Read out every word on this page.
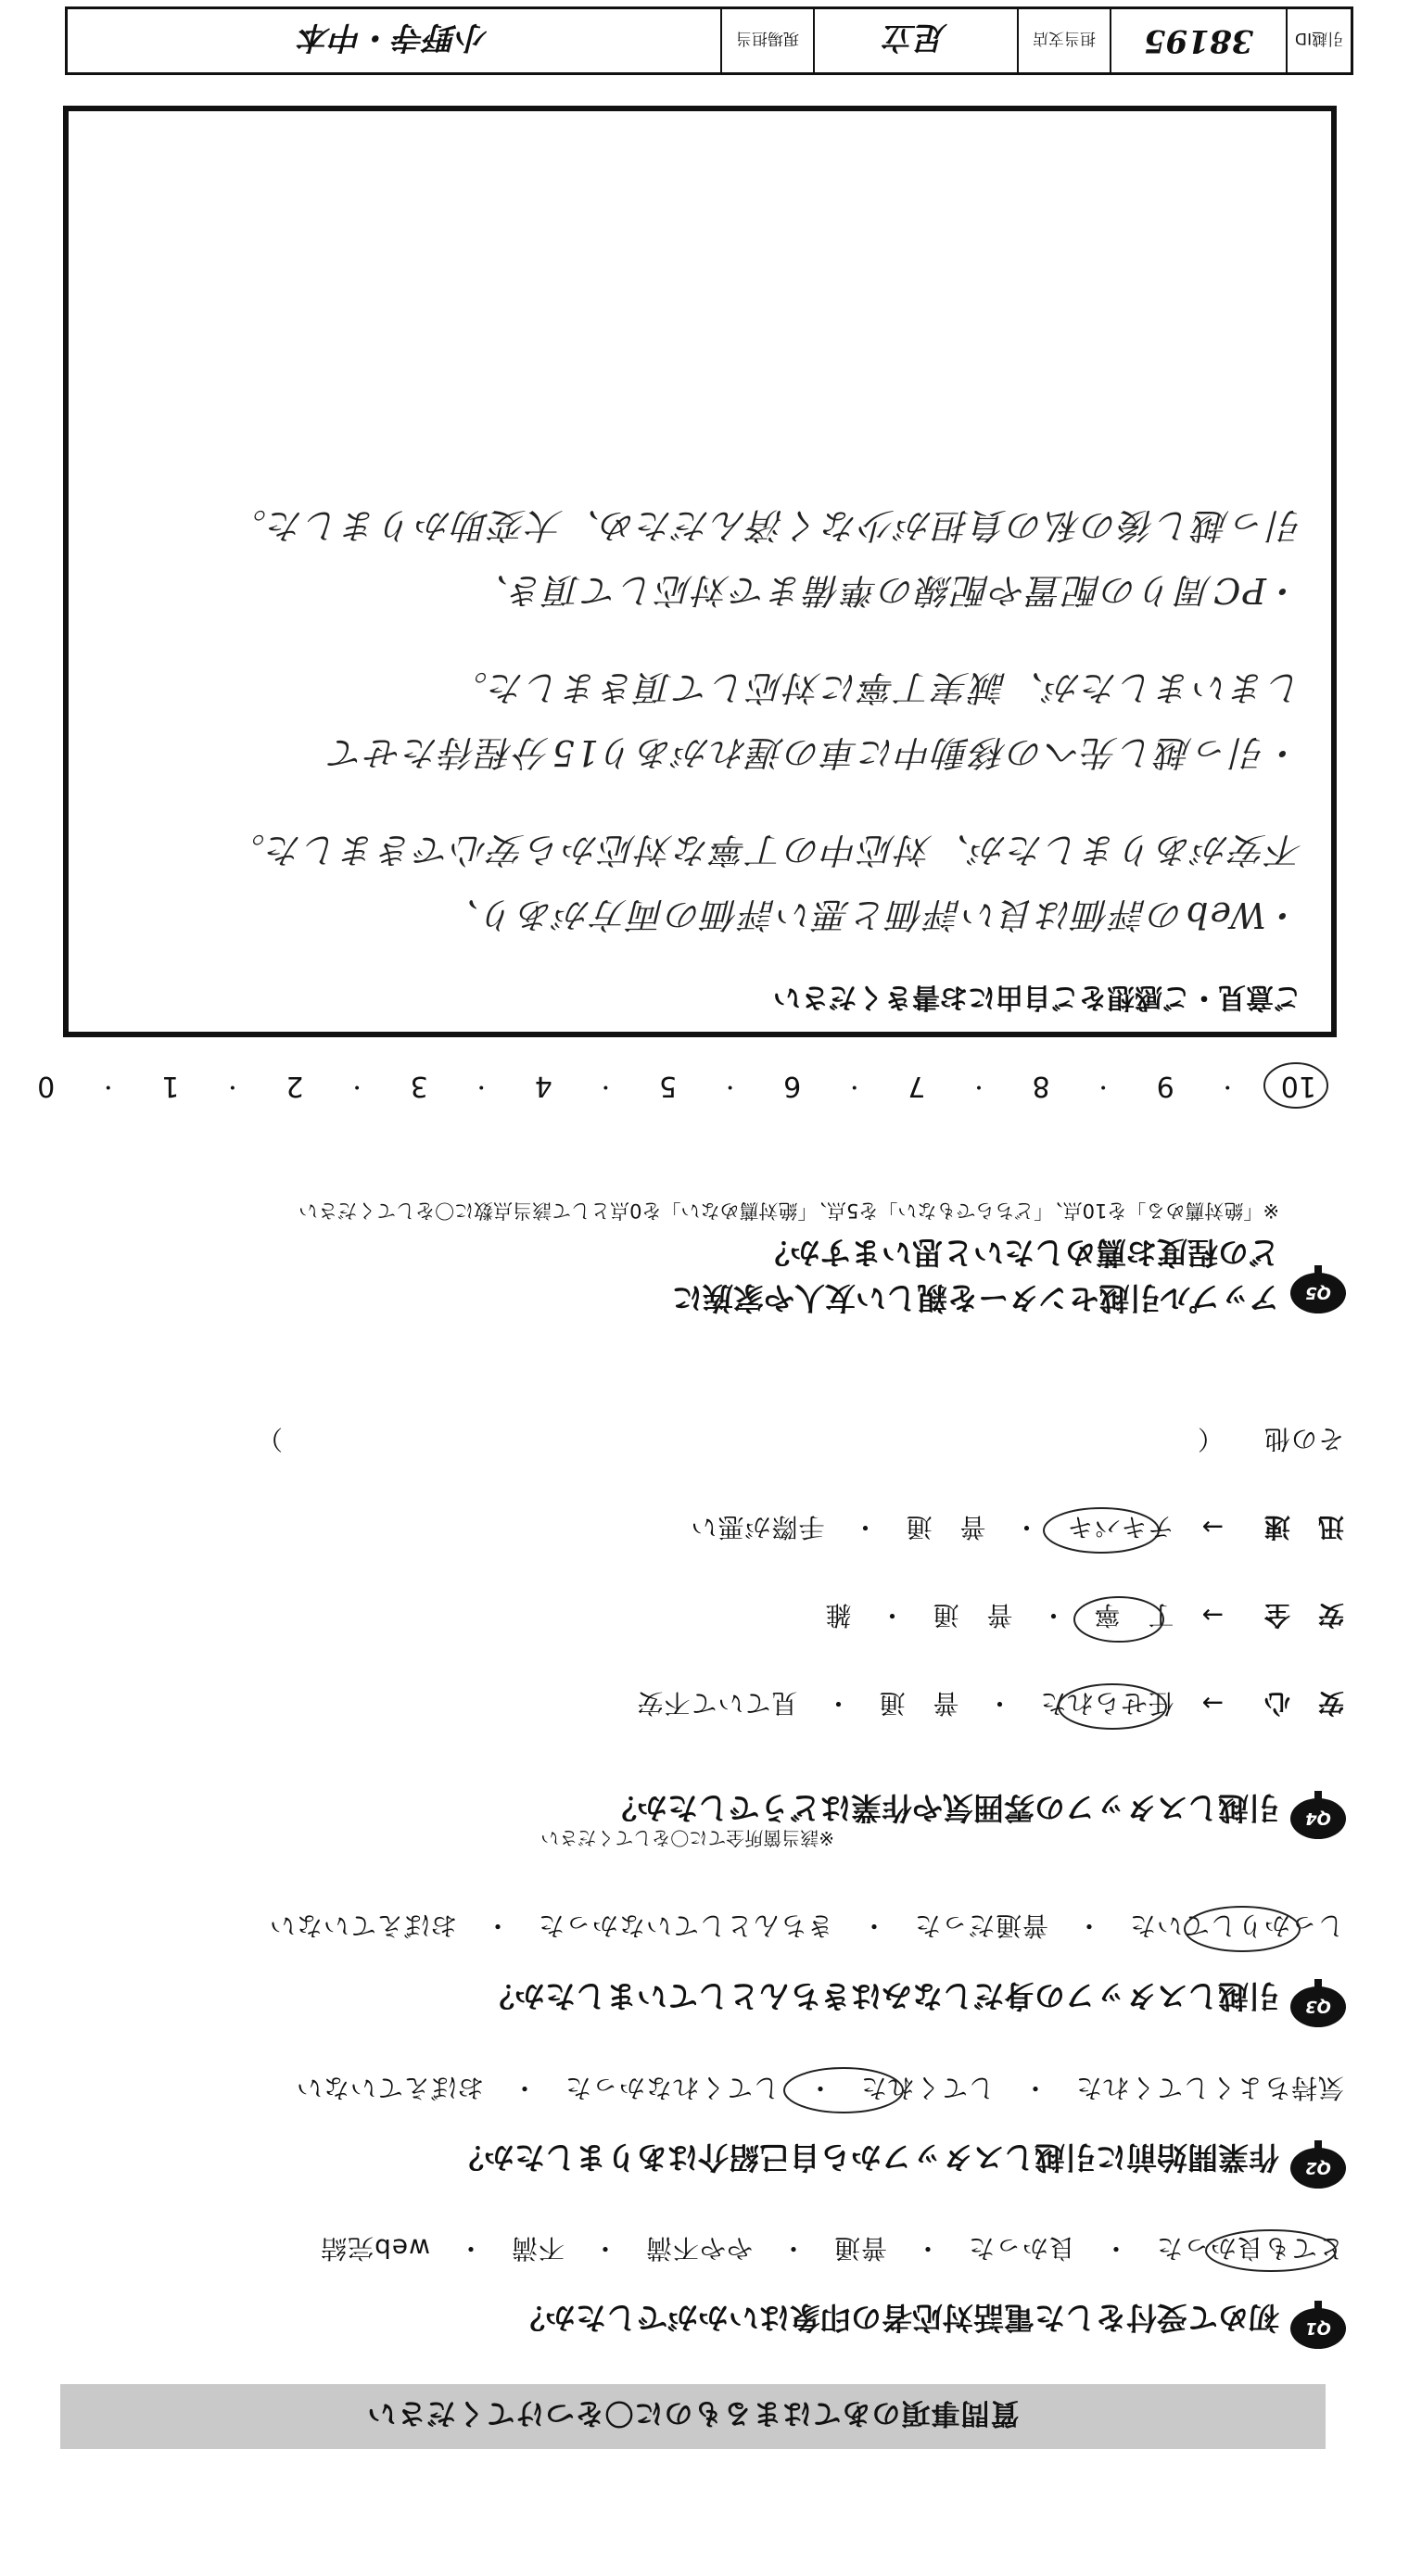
質問事項のあてはまるものに〇をつけてください
Q1
初めて受付をした電話対応者の印象はいかがでしたか？
とても良かった　・　良かった　・　普通　・　やや不満　・　不満　・　web完結
Q2
作業開始前に引越しスタッフから自己紹介はありましたか？
気持ちよくしてくれた　・　してくれた　・　してくれなかった　・　おぼえていない
Q3
引越しスタッフの身だしなみはきちんとしていましたか？
しっかりしていた　・　普通だった　・　きちんとしていなかった　・　おぼえていない
Q4
引越しスタッフの雰囲気や作業はどうでしたか？
※該当箇所全てに〇をしてください
安　心
→　任せられた　・　普　通　・　見ていて不安
安　全
→　丁　寧　・　普　通　・　雑
迅　速
→　テキパキ　・　普　通　・　手際が悪い
その他
（　　　　　　　　　　　　　　　　　　　　　　　　　　　　　　　　　　）
Q5
アップル引越センターを親しい友人や家族に
どの程度お薦めしたいと思いますか？
※「絶対薦める」を10点、「どちらでもない」を5点、「絶対薦めない」を0点として該当点数に〇をしてください
10
・
9
・
8
・
7
・
6
・
5
・
4
・
3
・
2
・
1
・
0
ご意見・ご感想をご自由にお書きください
・Webの評価は良い評価と悪い評価の両方があり、
不安がありましたが、対応中の丁寧な対応から安心できました。
・引っ越し先への移動中に車の遅れがあり15分程待たせて
しまいましたが、誠実丁寧に対応して頂きました。
・PC周りの配置や配線の準備まで対応して頂き、
引っ越し後の私の負担が少なく済んだため、大変助かりました。
引越ID
38195
担当支店
足立
現場担当
小野寺・中本
